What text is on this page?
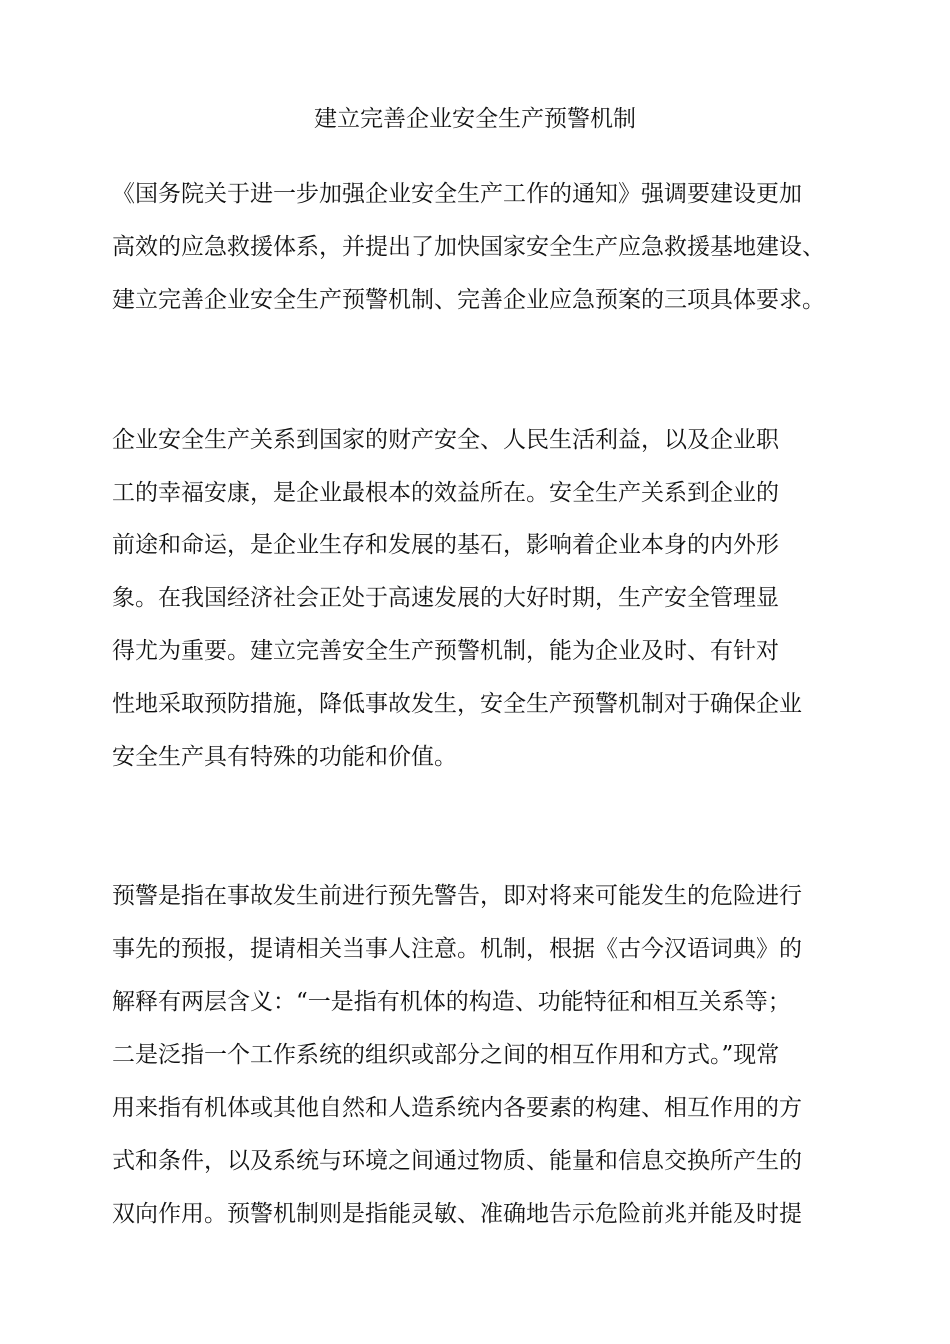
建立完善企业安全生产预警机制
《国务院关于进一步加强企业安全生产工作的通知》强调要建设更加
高效的应急救援体系，并提出了加快国家安全生产应急救援基地建设、
建立完善企业安全生产预警机制、完善企业应急预案的三项具体要求。
企业安全生产关系到国家的财产安全、人民生活利益，以及企业职
工的幸福安康，是企业最根本的效益所在。安全生产关系到企业的
前途和命运，是企业生存和发展的基石，影响着企业本身的内外形
象。在我国经济社会正处于高速发展的大好时期，生产安全管理显
得尤为重要。建立完善安全生产预警机制，能为企业及时、有针对
性地采取预防措施，降低事故发生，安全生产预警机制对于确保企业
安全生产具有特殊的功能和价值。
预警是指在事故发生前进行预先警告，即对将来可能发生的危险进行
事先的预报，提请相关当事人注意。机制，根据《古今汉语词典》的
解释有两层含义：“一是指有机体的构造、功能特征和相互关系等；
二是泛指一个工作系统的组织或部分之间的相互作用和方式。”现常
用来指有机体或其他自然和人造系统内各要素的构建、相互作用的方
式和条件，以及系统与环境之间通过物质、能量和信息交换所产生的
双向作用。预警机制则是指能灵敏、准确地告示危险前兆并能及时提
